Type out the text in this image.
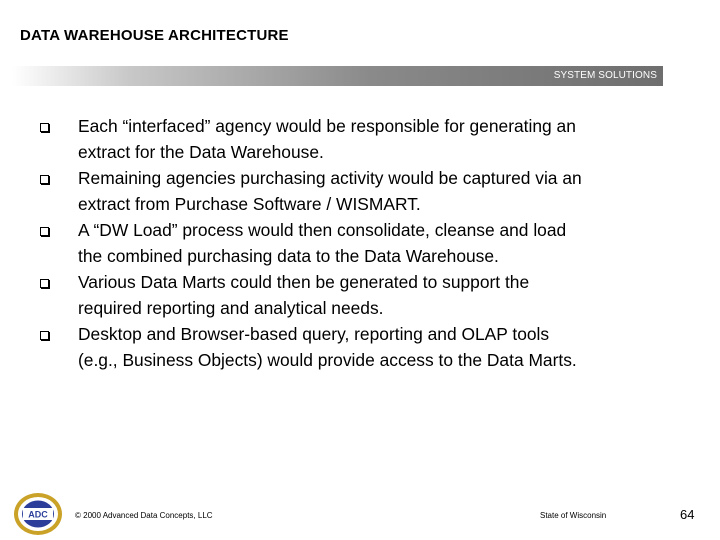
DATA WAREHOUSE ARCHITECTURE
SYSTEM SOLUTIONS
Each “interfaced” agency would be responsible for generating an
extract for the Data Warehouse.
Remaining agencies purchasing activity would be captured via an
extract from Purchase Software / WISMART.
A “DW Load” process would then consolidate, cleanse and load
the combined purchasing data to the Data Warehouse.
Various Data Marts could then be generated to support the
required reporting and analytical needs.
Desktop and Browser-based query, reporting and OLAP tools
(e.g., Business Objects) would provide access to the Data Marts.
ADC	© 2000 Advanced Data Concepts, LLC	State of Wisconsin	64
